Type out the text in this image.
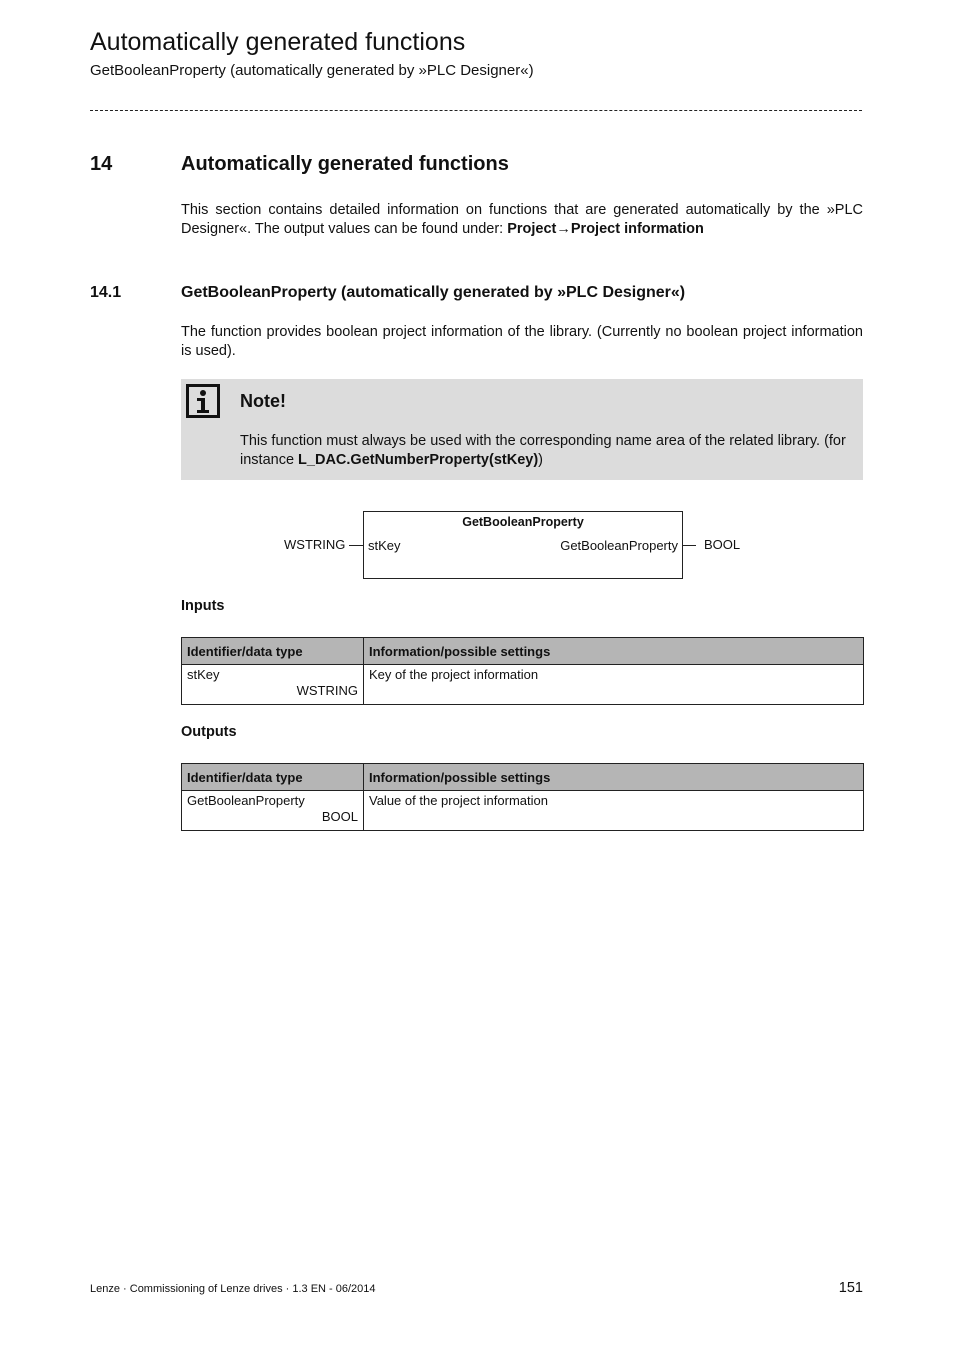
Automatically generated functions
GetBooleanProperty (automatically generated by »PLC Designer«)
14	Automatically generated functions
This section contains detailed information on functions that are generated automatically by the »PLC Designer«. The output values can be found under: Project→Project information
14.1	GetBooleanProperty (automatically generated by »PLC Designer«)
The function provides boolean project information of the library. (Currently no boolean project information is used).
Note!
This function must always be used with the corresponding name area of the related library. (for instance L_DAC.GetNumberProperty(stKey))
WSTRING
GetBooleanProperty
stKey	GetBooleanProperty BOOL
Inputs
Identifier/data type	Information/possible settings

stKey
WSTRING	Key of the project information
Outputs
Identifier/data type	Information/possible settings

GetBooleanProperty
BOOL	Value of the project information
Lenze · Commissioning of Lenze drives · 1.3 EN - 06/2014	151
